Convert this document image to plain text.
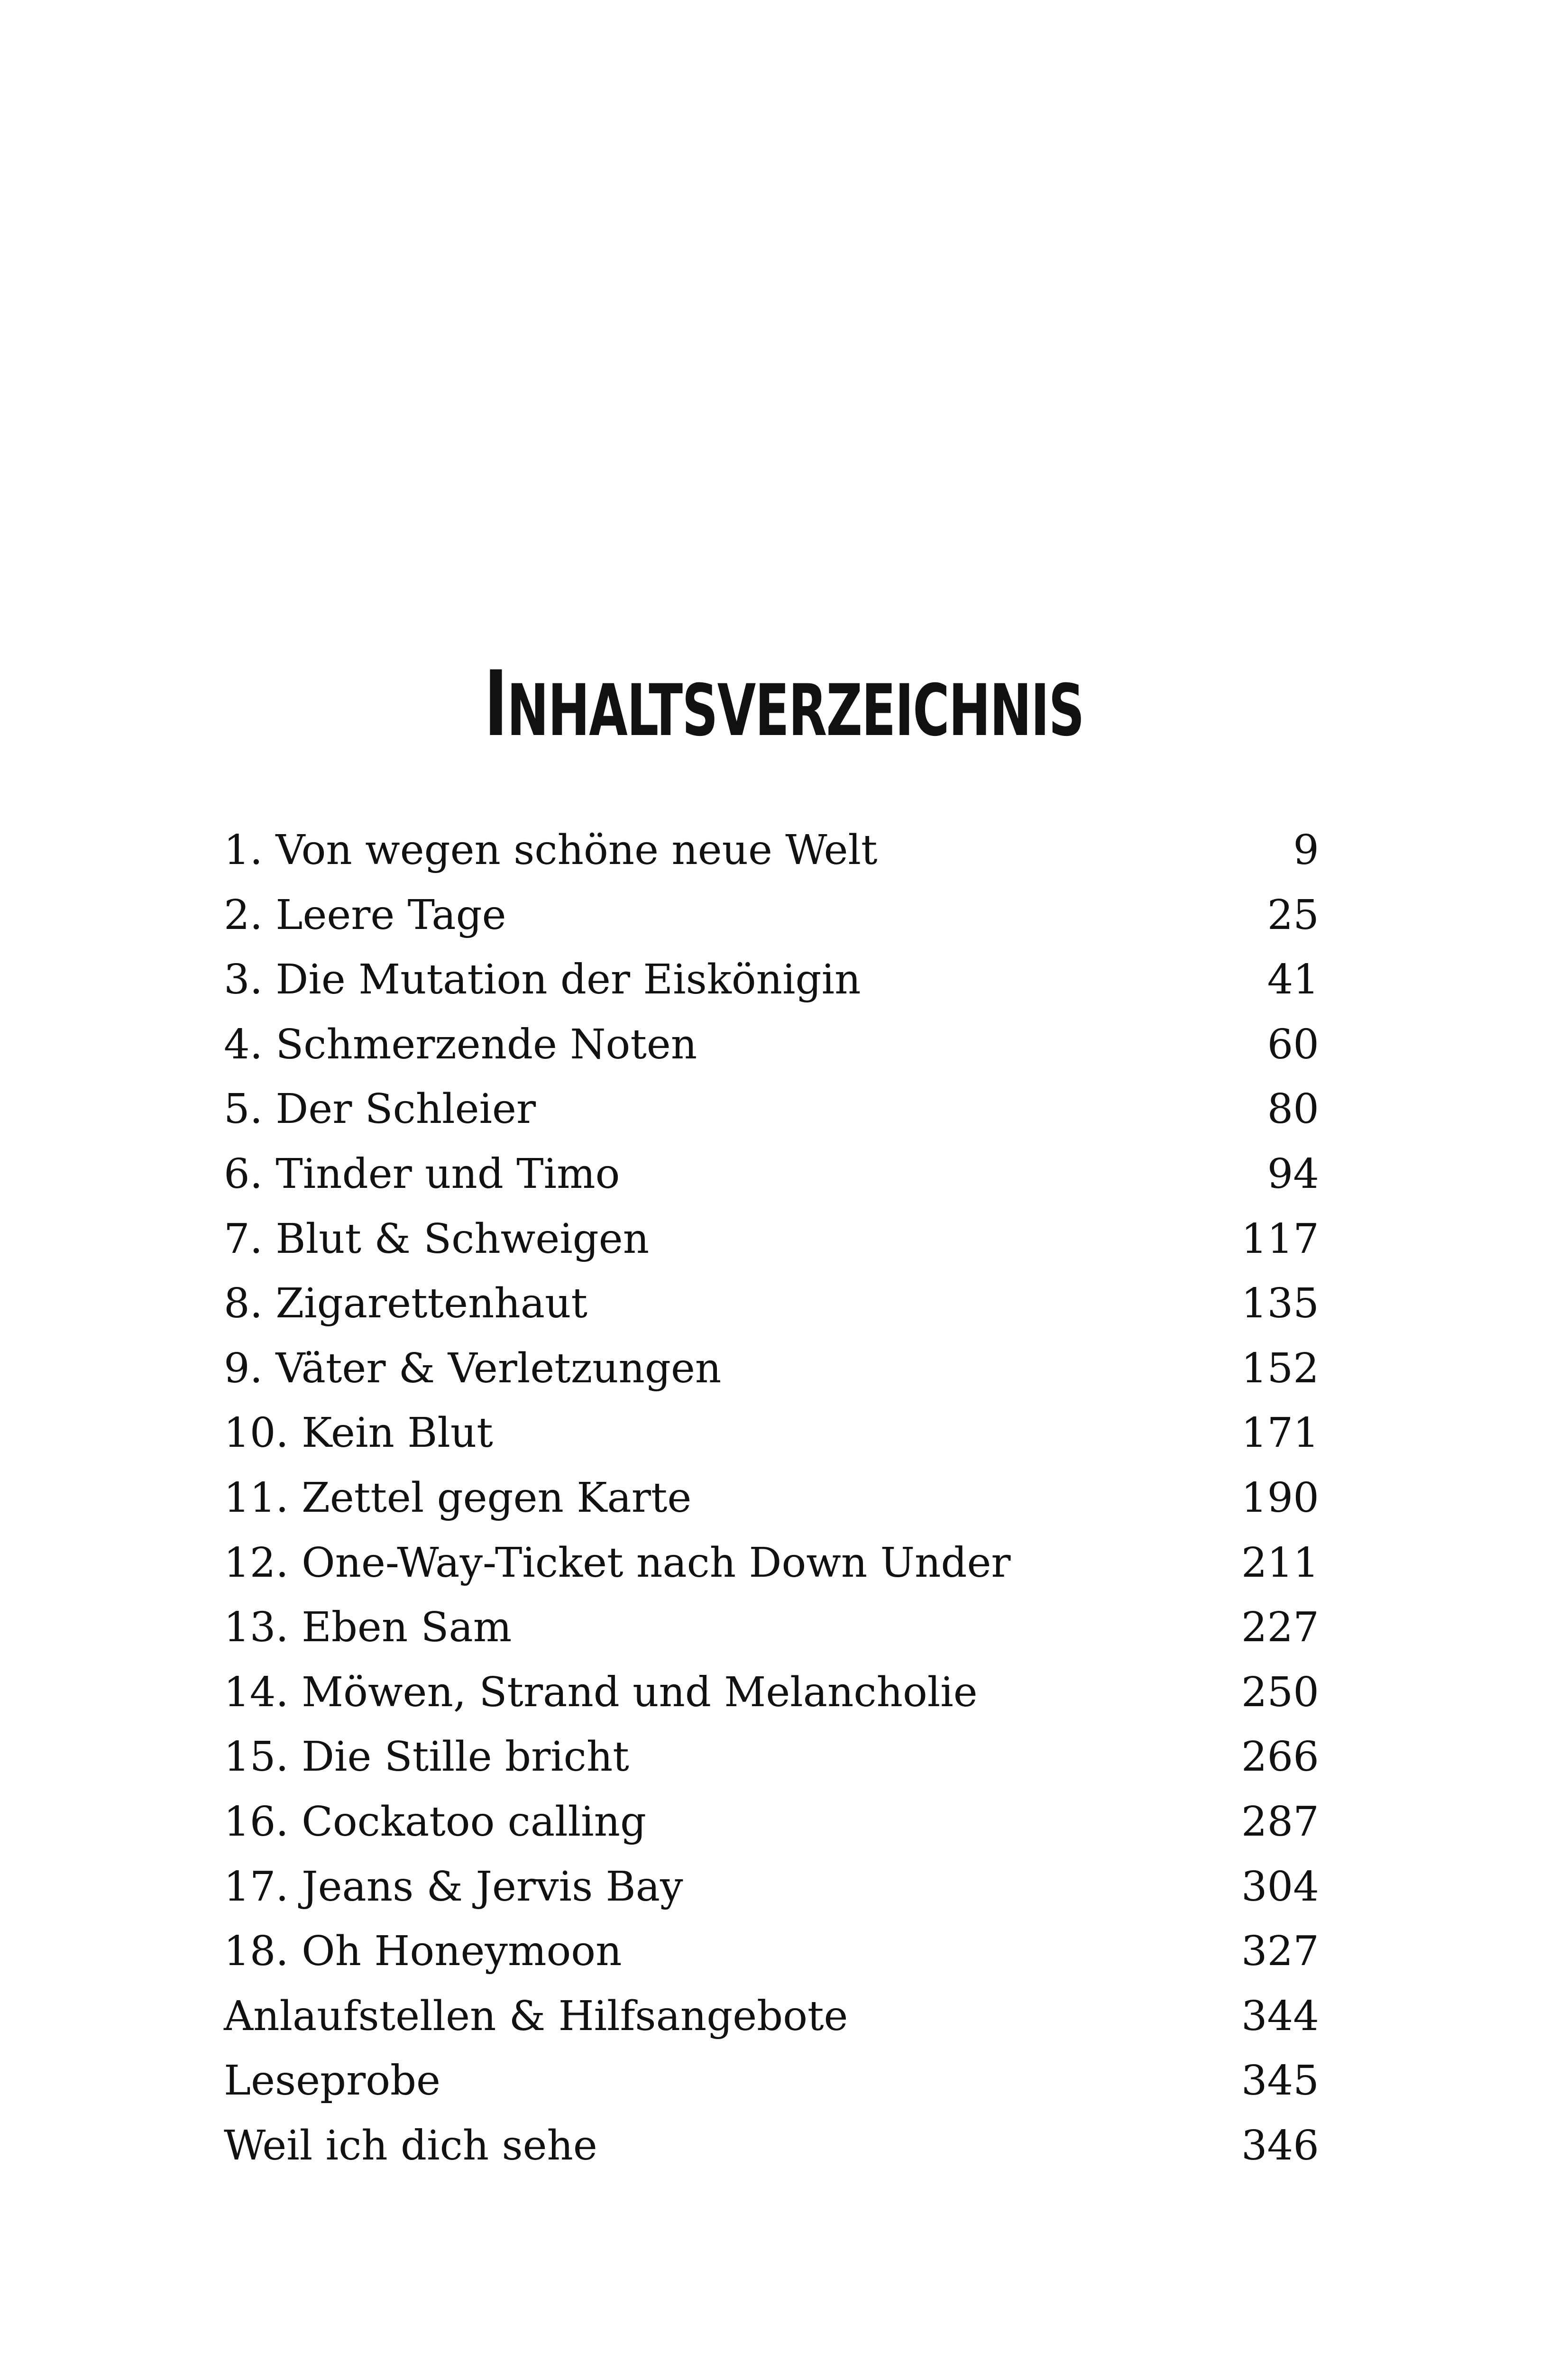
INHALTSVERZEICHNIS
1. Von wegen schöne neue Welt	9
2. Leere Tage	25
3. Die Mutation der Eiskönigin	41
4. Schmerzende Noten	60
5. Der Schleier	80
6. Tinder und Timo	94
7. Blut & Schweigen	117
8. Zigarettenhaut	135
9. Väter & Verletzungen	152
10. Kein Blut	171
11. Zettel gegen Karte	190
12. One-Way-Ticket nach Down Under	211
13. Eben Sam	227
14. Möwen, Strand und Melancholie	250
15. Die Stille bricht	266
16. Cockatoo calling	287
17. Jeans & Jervis Bay	304
18. Oh Honeymoon	327
Anlaufstellen & Hilfsangebote	344
Leseprobe	345
Weil ich dich sehe	346
